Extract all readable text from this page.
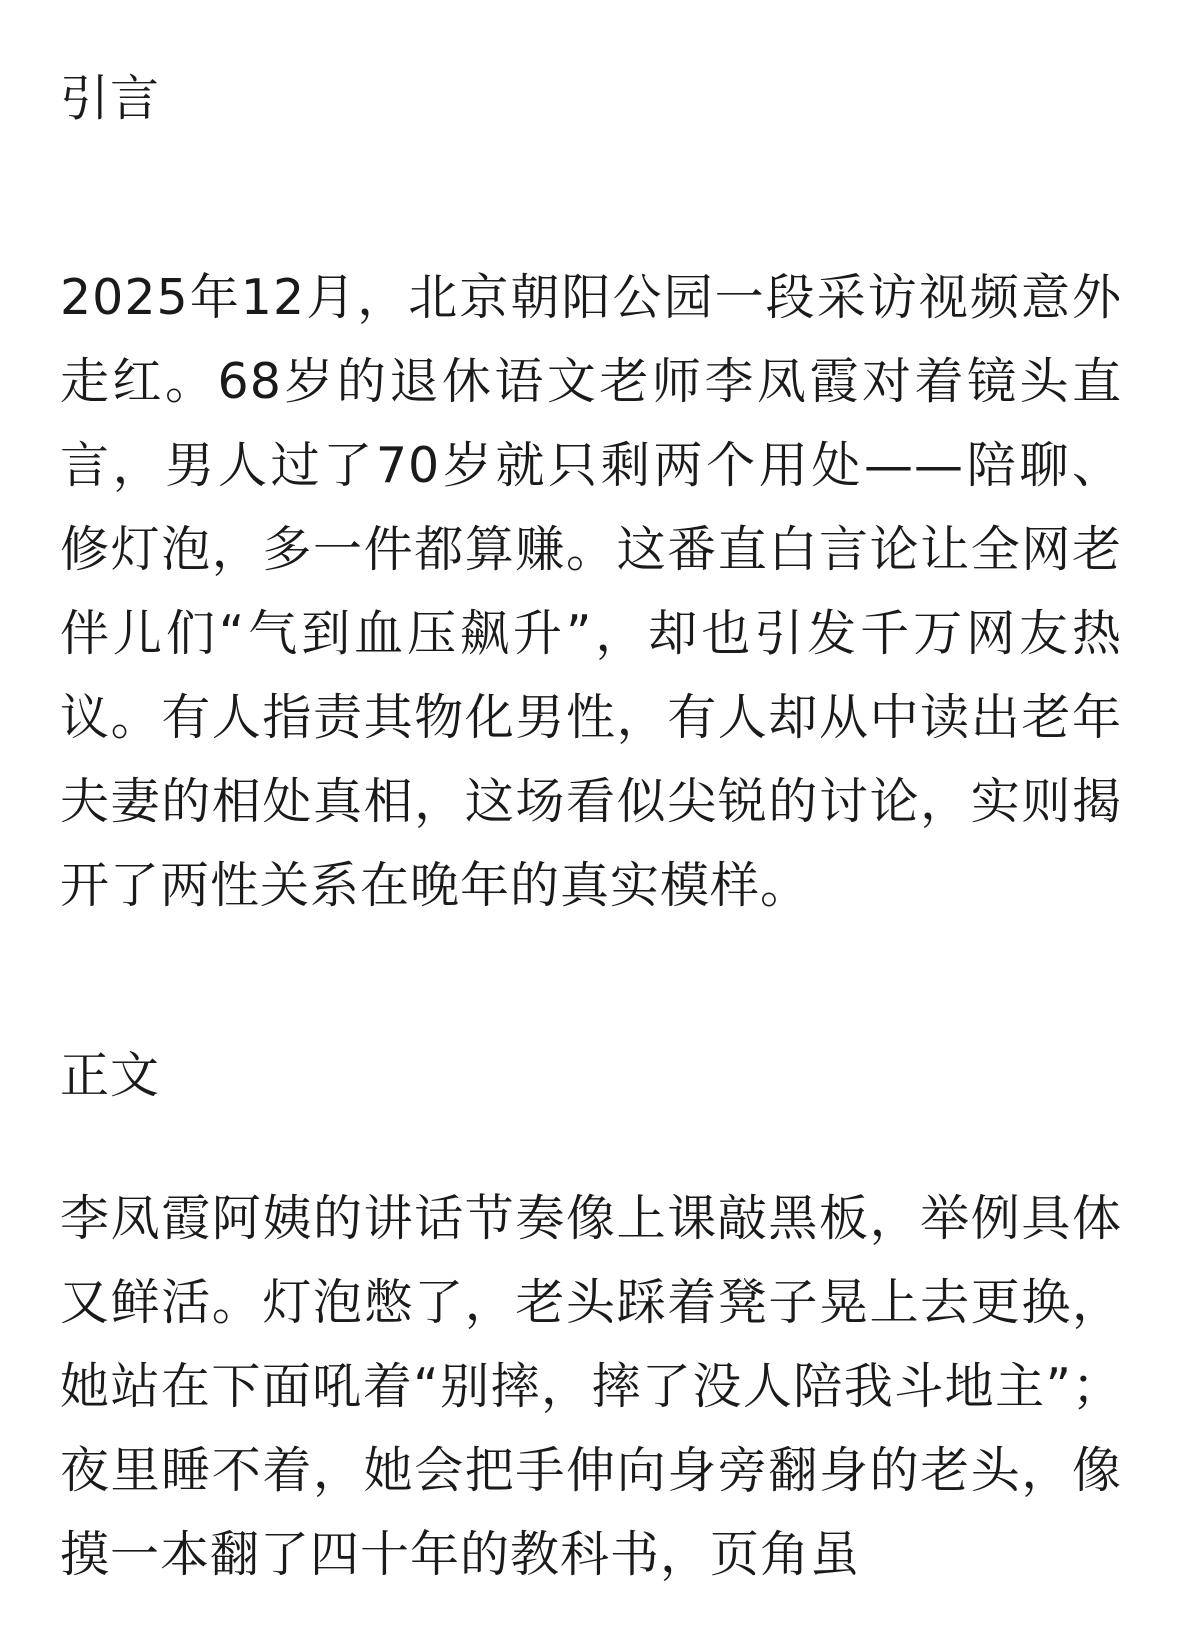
引言

2025年12月，北京朝阳公园一段采访视频意外走红。68岁的退休语文老师李凤霞对着镜头直言，男人过了70岁就只剩两个用处——陪聊、修灯泡，多一件都算赚。这番直白言论让全网老伴儿们“气到血压飙升”，却也引发千万网友热议。有人指责其物化男性，有人却从中读出老年夫妻的相处真相，这场看似尖锐的讨论，实则揭开了两性关系在晚年的真实模样。

正文

李凤霞阿姨的讲话节奏像上课敲黑板，举例具体又鲜活。灯泡憋了，老头踩着凳子晃上去更换，她站在下面吼着“别摔，摔了没人陪我斗地主”；夜里睡不着，她会把手伸向身旁翻身的老头，像摸一本翻了四十年的教科书，页角虽
